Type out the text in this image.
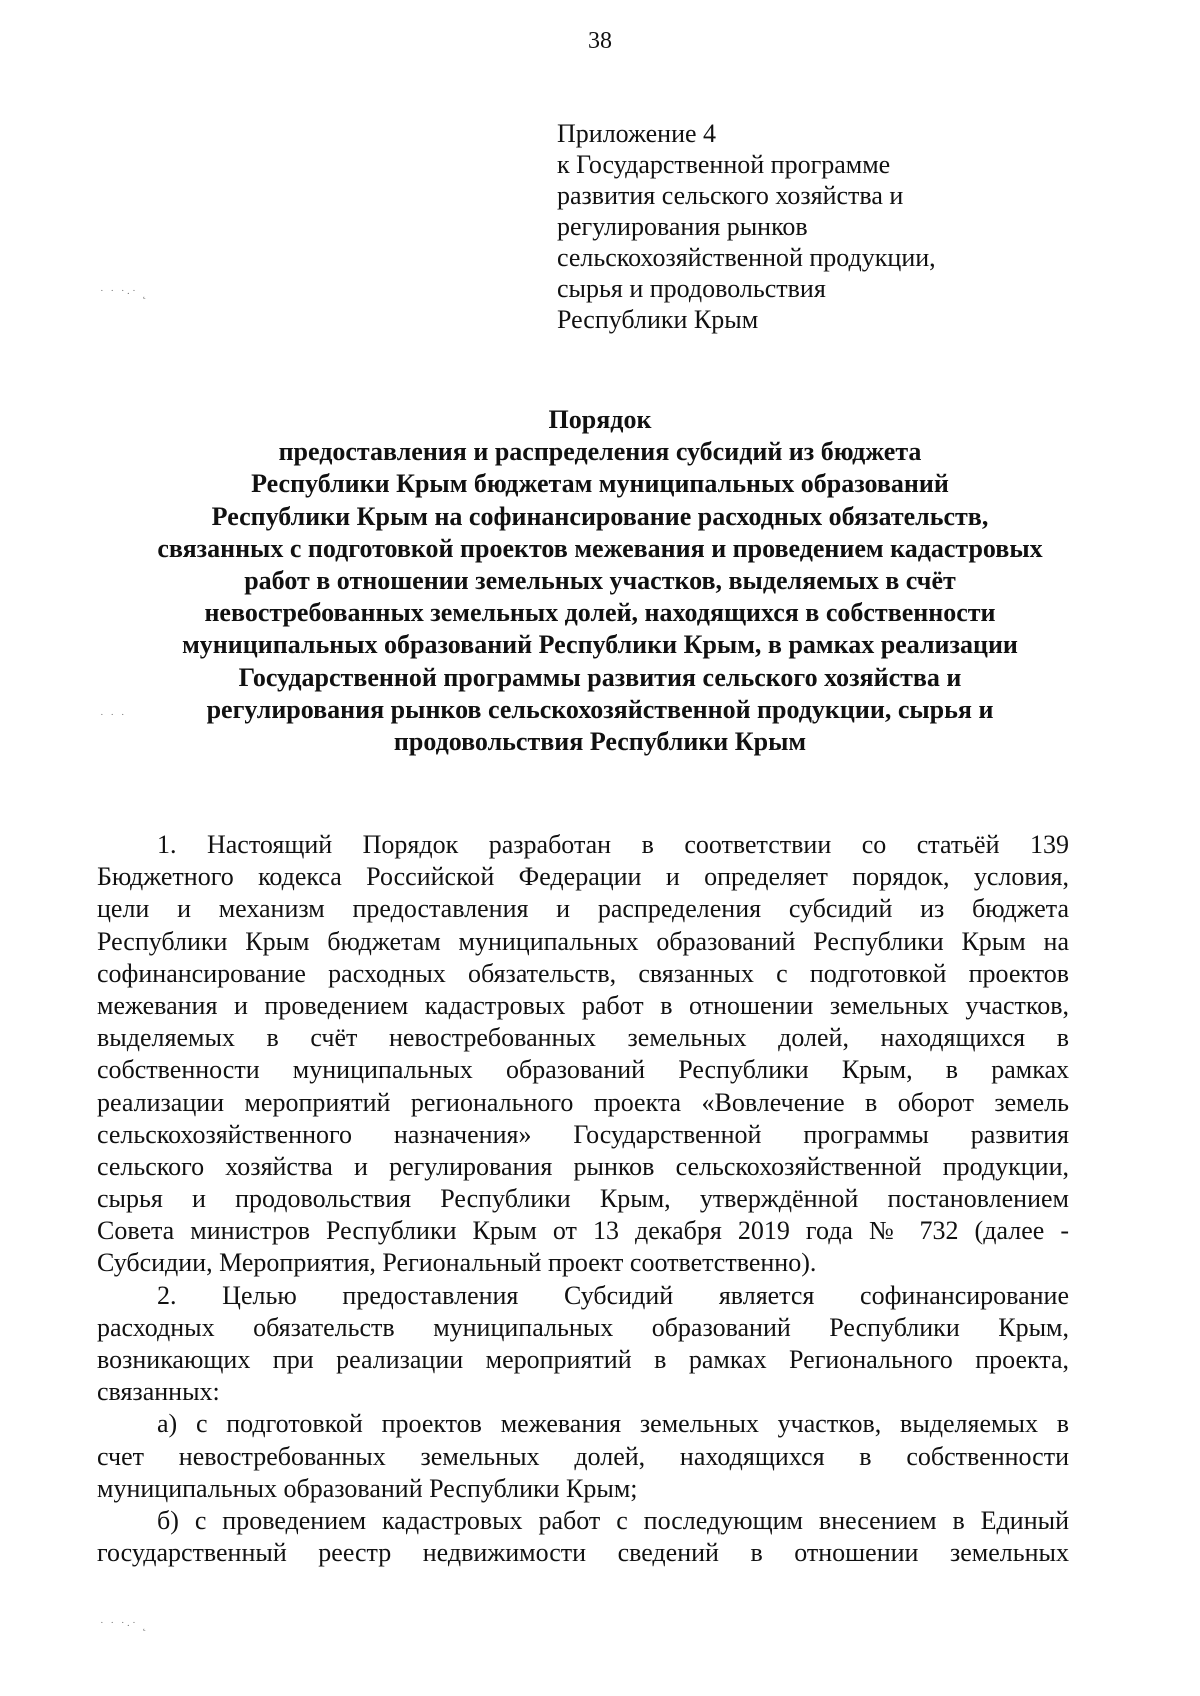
38
Приложение 4
к Государственной программе
развития сельского хозяйства и
регулирования рынков
сельскохозяйственной продукции,
сырья и продовольствия
Республики Крым
Порядок
предоставления и распределения субсидий из бюджета
Республики Крым бюджетам муниципальных образований
Республики Крым на софинансирование расходных обязательств,
связанных с подготовкой проектов межевания и проведением кадастровых
работ в отношении земельных участков, выделяемых в счёт
невостребованных земельных долей, находящихся в собственности
муниципальных образований Республики Крым, в рамках реализации
Государственной программы развития сельского хозяйства и
регулирования рынков сельскохозяйственной продукции, сырья и
продовольствия Республики Крым
1. Настоящий Порядок разработан в соответствии со статьёй 139
Бюджетного кодекса Российской Федерации и определяет порядок, условия,
цели и механизм предоставления и распределения субсидий из бюджета
Республики Крым бюджетам муниципальных образований Республики Крым на
софинансирование расходных обязательств, связанных с подготовкой проектов
межевания и проведением кадастровых работ в отношении земельных участков,
выделяемых в счёт невостребованных земельных долей, находящихся в
собственности муниципальных образований Республики Крым, в рамках
реализации мероприятий регионального проекта «Вовлечение в оборот земель
сельскохозяйственного назначения» Государственной программы развития
сельского хозяйства и регулирования рынков сельскохозяйственной продукции,
сырья и продовольствия Республики Крым, утверждённой постановлением
Совета министров Республики Крым от 13 декабря 2019 года № 732 (далее -
Субсидии, Мероприятия, Региональный проект соответственно).
2. Целью предоставления Субсидий является софинансирование
расходных обязательств муниципальных образований Республики Крым,
возникающих при реализации мероприятий в рамках Регионального проекта,
связанных:
а) с подготовкой проектов межевания земельных участков, выделяемых в
счет невостребованных земельных долей, находящихся в собственности
муниципальных образований Республики Крым;
б) с проведением кадастровых работ с последующим внесением в Единый
государственный реестр недвижимости сведений в отношении земельных
˙ ˙ ˙·˙ ˛
˙ ˙ ˙
˙ ˙ ˙·˙ ˛
